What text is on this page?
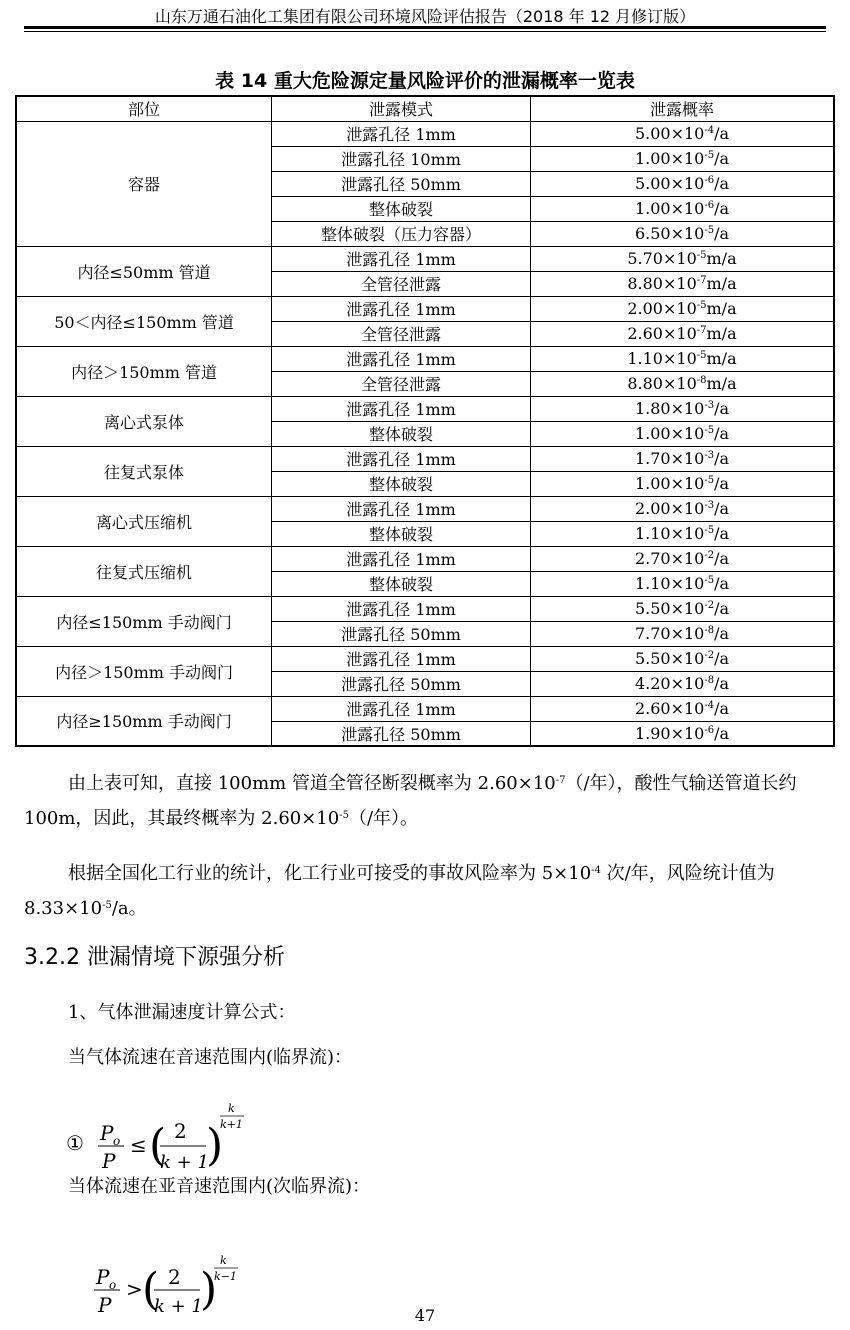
山东万通石油化工集团有限公司环境风险评估报告（2018 年 12 月修订版）
表 14 重大危险源定量风险评价的泄漏概率一览表
部位	泄露模式	泄露概率
容器	泄露孔径 1mm	$5.00\times 10^{-4}/a$
	泄露孔径 10mm	$1.00\times 10^{-5}/a$
	泄露孔径 50mm	$5.00\times 10^{-6}/a$
	整体破裂	$1.00\times 10^{-6}/a$
	整体破裂（压力容器）	$6.50\times 10^{-5}/a$
内径≤50mm 管道	泄露孔径 1mm	$5.70\times 10^{-5}m/a$
	全管径泄露	$8.80\times 10^{-7}m/a$
50＜内径≤150mm 管道	泄露孔径 1mm	$2.00\times 10^{-5}m/a$
	全管径泄露	$2.60\times 10^{-7}m/a$
内径＞150mm 管道	泄露孔径 1mm	$1.10\times 10^{-5}m/a$
	全管径泄露	$8.80\times 10^{-8}m/a$
离心式泵体	泄露孔径 1mm	$1.80\times 10^{-3}/a$
	整体破裂	$1.00\times 10^{-5}/a$
往复式泵体	泄露孔径 1mm	$1.70\times 10^{-3}/a$
	整体破裂	$1.00\times 10^{-5}/a$
离心式压缩机	泄露孔径 1mm	$2.00\times 10^{-3}/a$
	整体破裂	$1.10\times 10^{-5}/a$
往复式压缩机	泄露孔径 1mm	$2.70\times 10^{-2}/a$
	整体破裂	$1.10\times 10^{-5}/a$
内径≤150mm 手动阀门	泄露孔径 1mm	$5.50\times 10^{-2}/a$
	泄露孔径 50mm	$7.70\times 10^{-8}/a$
内径＞150mm 手动阀门	泄露孔径 1mm	$5.50\times 10^{-2}/a$
	泄露孔径 50mm	$4.20\times 10^{-8}/a$
内径≥150mm 手动阀门	泄露孔径 1mm	$2.60\times 10^{-4}/a$
	泄露孔径 50mm	$1.90\times 10^{-6}/a$

由上表可知，直接 100mm 管道全管径断裂概率为 $2.60\times 10^{-7}(/$年），酸性气输送管道长约 100m，因此，其最终概率为 $2.60\times 10^{-5}(/$年）。

根据全国化工行业的统计，化工行业可接受的事故风险率为 $5\times 10^{-4}$ 次/年，风险统计值为 $8.33\times 10^{-5}/a$。

3.2.2 泄漏情境下源强分析
1、气体泄漏速度计算公式：
当气体流速在音速范围内(临界流)：
① P o
P
≤ ( 2
k + 1
)
k
k+1
当体流速在亚音速范围内(次临界流)：
P o
P
> ( 2
k + 1
)
k
k−1
47
